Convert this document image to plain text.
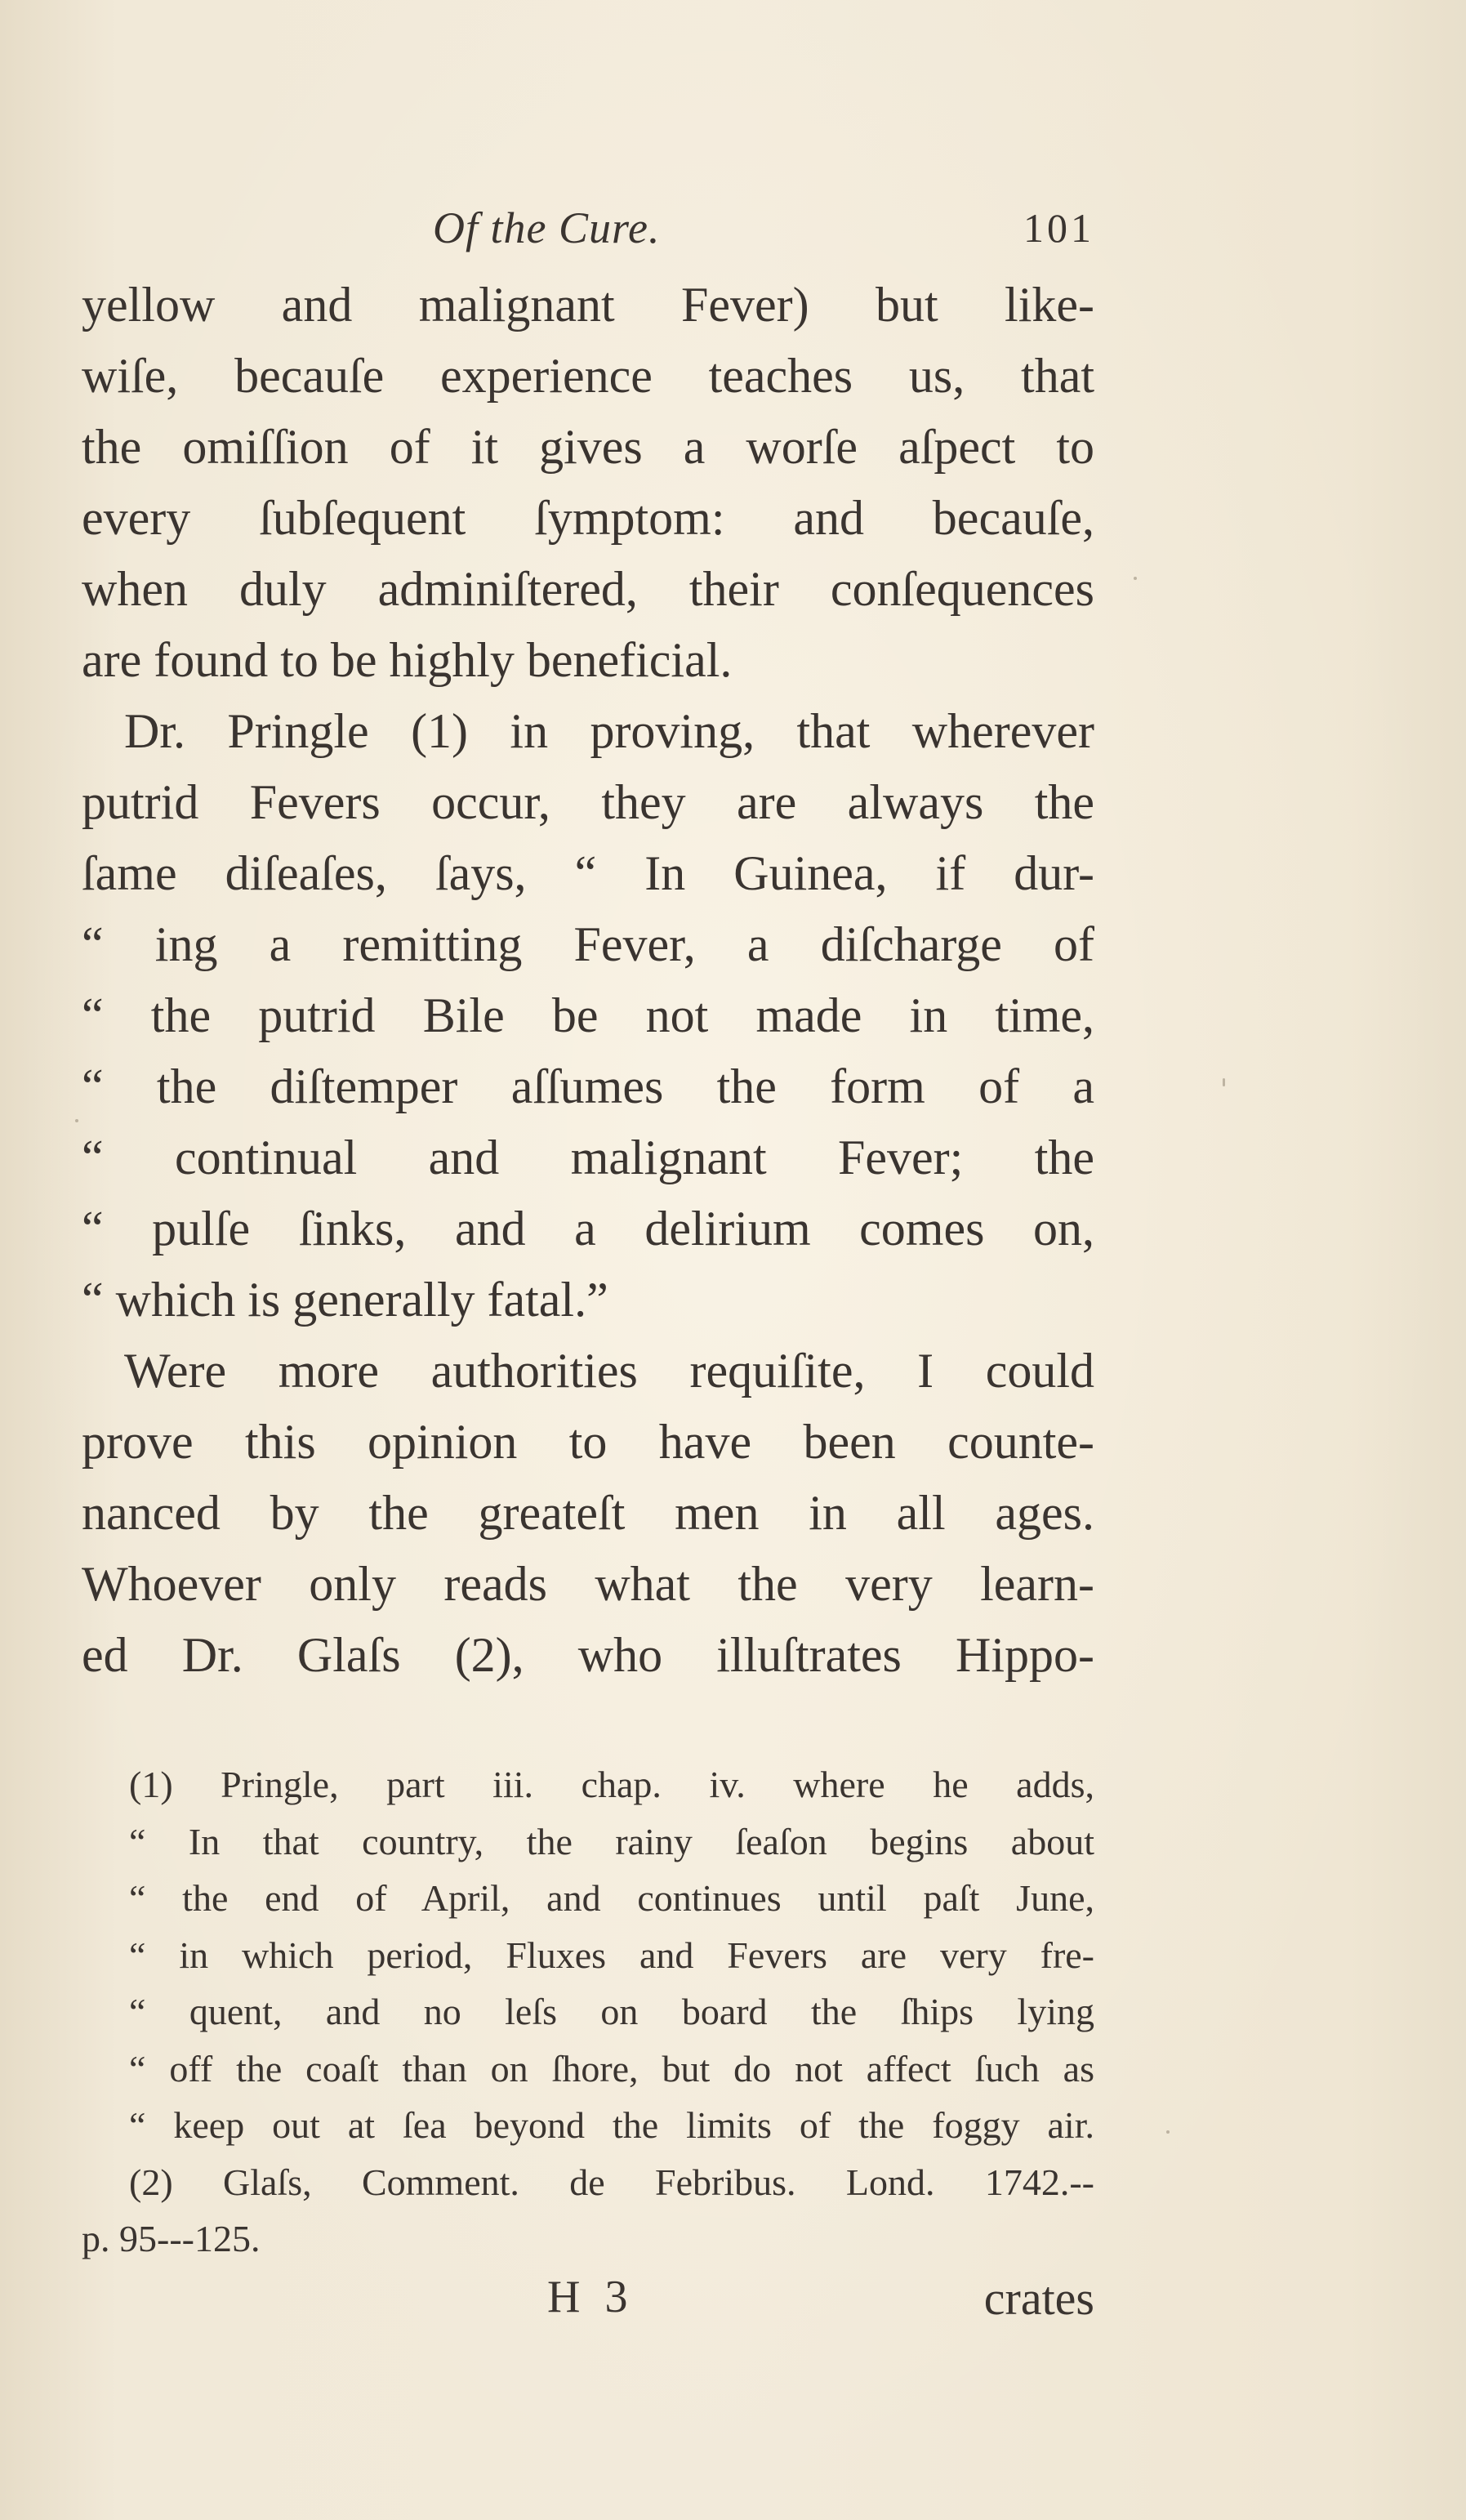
Of the Cure.	101
yellow and malignant Fever) but like-
wiſe, becauſe experience teaches us, that
the omiſſion of it gives a worſe aſpect to
every ſubſequent ſymptom: and becauſe,
when duly adminiſtered, their conſequences
are found to be highly beneficial.
Dr. Pringle (1) in proving, that wherever
putrid Fevers occur, they are always the
ſame diſeaſes, ſays, “ In Guinea, if dur-
“ ing a remitting Fever, a diſcharge of
“ the putrid Bile be not made in time,
“ the diſtemper aſſumes the form of a
“ continual and malignant Fever; the
“ pulſe ſinks, and a delirium comes on,
“ which is generally fatal.”
Were more authorities requiſite, I could
prove this opinion to have been counte-
nanced by the greateſt men in all ages.
Whoever only reads what the very learn-
ed Dr. Glaſs (2), who illuſtrates Hippo-
(1) Pringle, part iii. chap. iv. where he adds,
“ In that country, the rainy ſeaſon begins about
“ the end of April, and continues until paſt June,
“ in which period, Fluxes and Fevers are very fre-
“ quent, and no leſs on board the ſhips lying
“ off the coaſt than on ſhore, but do not affect ſuch as
“ keep out at ſea beyond the limits of the foggy air.
(2) Glaſs, Comment. de Febribus. Lond. 1742.--
p. 95---125.
H 3	crates
